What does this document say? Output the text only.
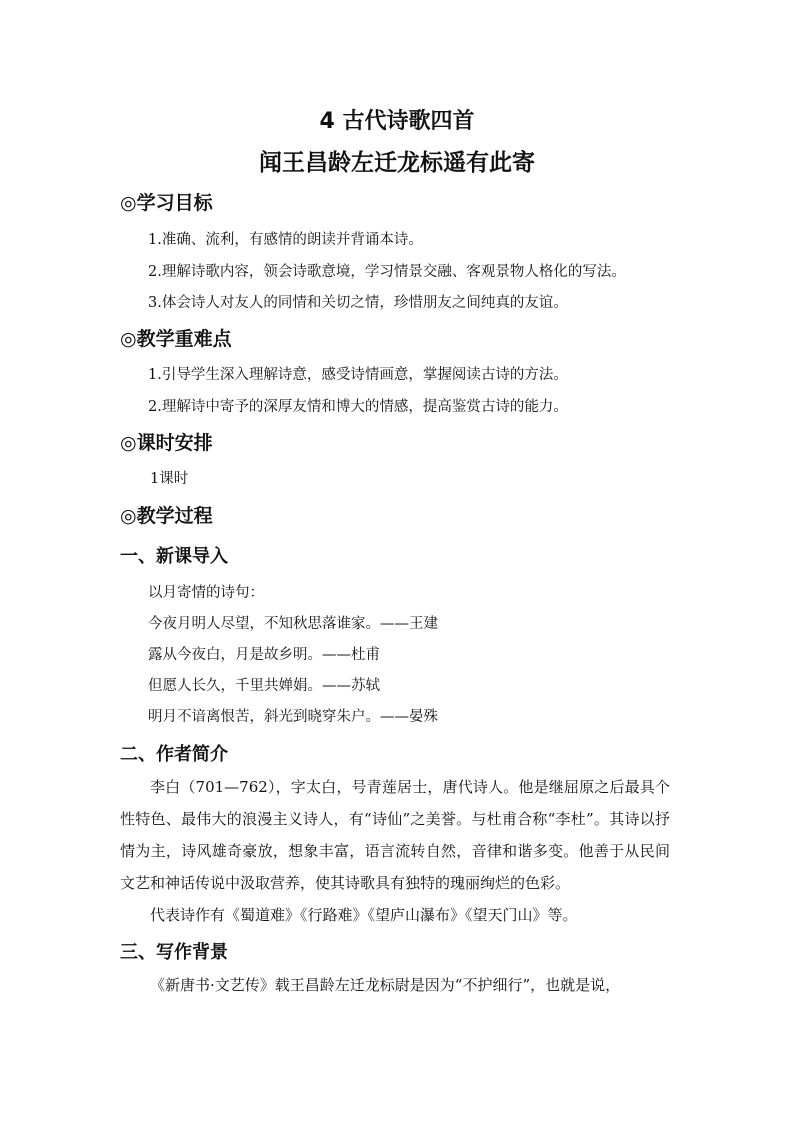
4 古代诗歌四首
闻王昌龄左迁龙标遥有此寄
◎学习目标
1.准确、流利，有感情的朗读并背诵本诗。
2.理解诗歌内容，领会诗歌意境，学习情景交融、客观景物人格化的写法。
3.体会诗人对友人的同情和关切之情，珍惜朋友之间纯真的友谊。
◎教学重难点
1.引导学生深入理解诗意，感受诗情画意，掌握阅读古诗的方法。
2.理解诗中寄予的深厚友情和博大的情感，提高鉴赏古诗的能力。
◎课时安排
1课时
◎教学过程
一、新课导入
以月寄情的诗句：
今夜月明人尽望，不知秋思落谁家。——王建
露从今夜白，月是故乡明。——杜甫
但愿人长久，千里共婵娟。——苏轼
明月不谙离恨苦，斜光到晓穿朱户。——晏殊
二、作者简介
李白（701—762），字太白，号青莲居士，唐代诗人。他是继屈原之后最具个性特色、最伟大的浪漫主义诗人，有“诗仙”之美誉。与杜甫合称“李杜”。其诗以抒情为主，诗风雄奇豪放，想象丰富，语言流转自然，音律和谐多变。他善于从民间文艺和神话传说中汲取营养，使其诗歌具有独特的瑰丽绚烂的色彩。
代表诗作有《蜀道难》《行路难》《望庐山瀑布》《望天门山》等。
三、写作背景
《新唐书·文艺传》载王昌龄左迁龙标尉是因为“不护细行”，也就是说，
